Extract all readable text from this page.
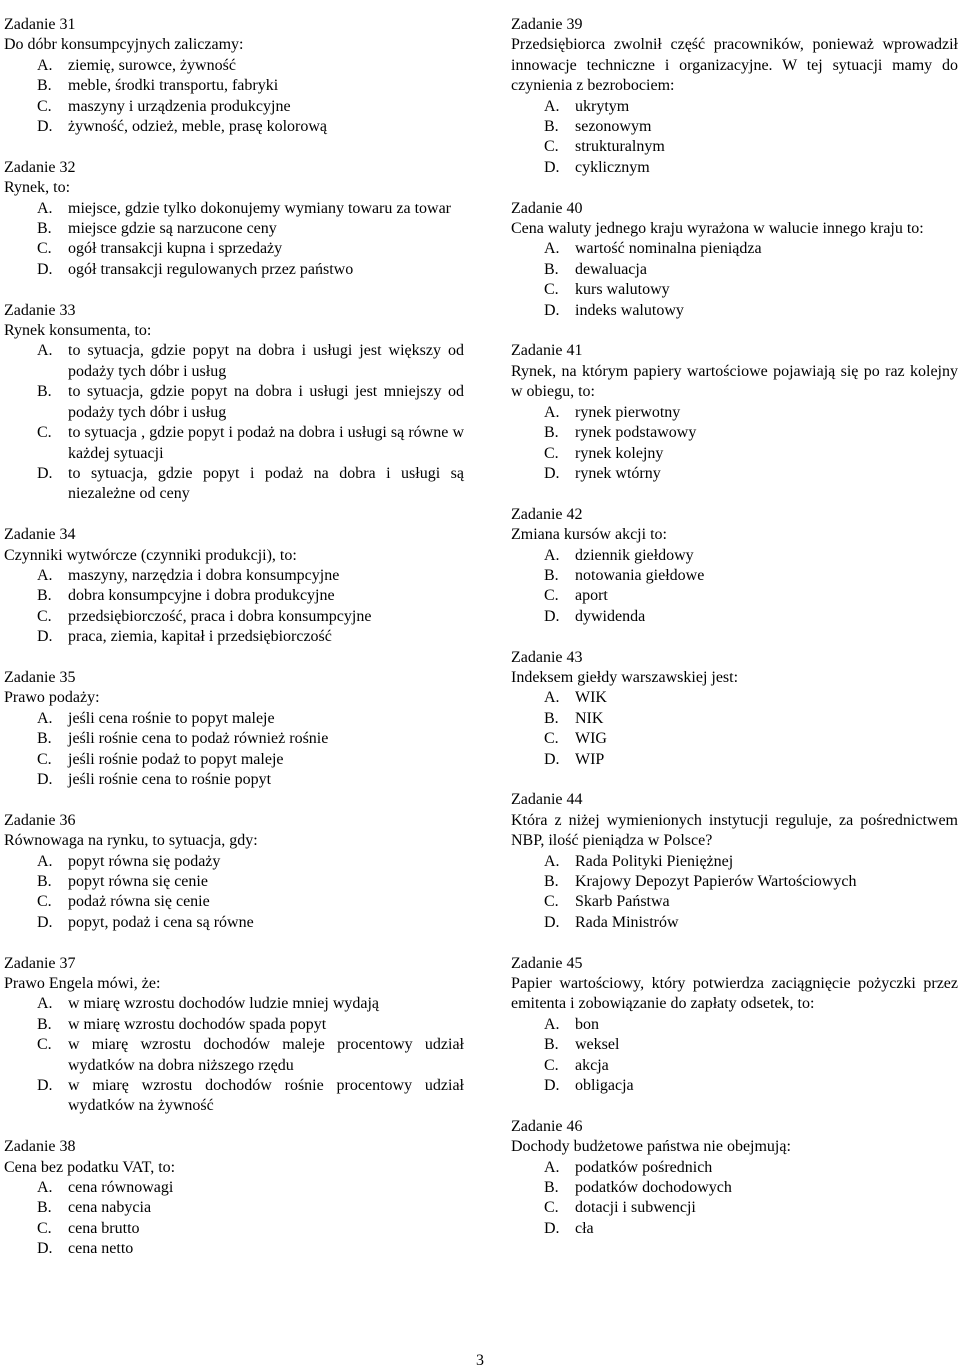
Zadanie 31

Do dóbr konsumpcyjnych zaliczamy:

A. ziemię, surowce, żywność
B.	meble, środki transportu, fabryki
C.	maszyny i urządzenia produkcyjne
D. żywność, odzież, meble, prasę kolorową

Zadanie 32

Rynek, to:

A. miejsce, gdzie tylko dokonujemy wymiany towaru za towar
B.	miejsce gdzie są narzucone ceny
C.	ogół transakcji kupna i sprzedaży
D. ogół transakcji regulowanych przez państwo

Zadanie 33

Rynek konsumenta, to:

A. to sytuacja, gdzie popyt na dobra i usługi jest większy od podaży tych dóbr i usług
B.	to sytuacja, gdzie popyt na dobra i usługi jest mniejszy od podaży tych dóbr i usług
C.	to sytuacja , gdzie popyt i podaż na dobra i usługi są równe w każdej sytuacji
D. to sytuacja, gdzie popyt i podaż na dobra i usługi są niezależne od ceny

Zadanie 34

Czynniki wytwórcze (czynniki produkcji), to:

A. maszyny, narzędzia i dobra konsumpcyjne
B.	dobra konsumpcyjne i dobra produkcyjne
C.	przedsiębiorczość, praca i dobra konsumpcyjne
D. praca, ziemia, kapitał i przedsiębiorczość

Zadanie 35

Prawo podaży:

A. jeśli cena rośnie to popyt maleje
B.	jeśli rośnie cena to podaż również rośnie
C.	jeśli rośnie podaż to popyt maleje
D. jeśli rośnie cena to rośnie popyt

Zadanie 36

Równowaga na rynku, to sytuacja, gdy:

A. popyt równa się podaży
B.	popyt równa się cenie
C.	podaż równa się cenie
D. popyt, podaż i cena są równe

Zadanie 37

Prawo Engela mówi, że:

A. w miarę wzrostu dochodów ludzie mniej wydają
B.	w miarę wzrostu dochodów spada popyt
C.	w miarę wzrostu dochodów maleje procentowy udział wydatków na dobra niższego rzędu
D. w miarę wzrostu dochodów rośnie procentowy udział wydatków na żywność

Zadanie 38

Cena bez podatku VAT, to:

A. cena równowagi
B.	cena nabycia
C.	cena brutto
D. cena netto

Zadanie 39

Przedsiębiorca zwolnił część pracowników, ponieważ wprowadził innowacje techniczne i organizacyjne. W tej sytuacji mamy do czynienia z bezrobociem:

A. ukrytym
B.	sezonowym
C.	strukturalnym
D. cyklicznym

Zadanie 40

Cena waluty jednego kraju wyrażona w walucie innego kraju to:

A. wartość nominalna pieniądza
B.	dewaluacja
C.	kurs walutowy
D. indeks walutowy

Zadanie 41

Rynek, na którym papiery wartościowe pojawiają się po raz kolejny w obiegu, to:

A. rynek pierwotny
B.	rynek podstawowy
C.	rynek kolejny
D. rynek wtórny

Zadanie 42

Zmiana kursów akcji to:

A. dziennik giełdowy
B.	notowania giełdowe
C.	aport
D. dywidenda

Zadanie 43

Indeksem giełdy warszawskiej jest:

A. WIK
B.	NIK
C.	WIG
D. WIP

Zadanie 44

Która z niżej wymienionych instytucji reguluje, za pośrednictwem NBP, ilość pieniądza w Polsce?

A. Rada Polityki Pieniężnej
B.	Krajowy Depozyt Papierów Wartościowych
C.	Skarb Państwa
D. Rada Ministrów

Zadanie 45

Papier wartościowy, który potwierdza zaciągnięcie pożyczki przez emitenta i zobowiązanie do zapłaty odsetek, to:

A. bon
B.	weksel
C.	akcja
D. obligacja

Zadanie 46

Dochody budżetowe państwa nie obejmują:

A. podatków pośrednich
B.	podatków dochodowych
C.	dotacji i subwencji
D. cła
3
